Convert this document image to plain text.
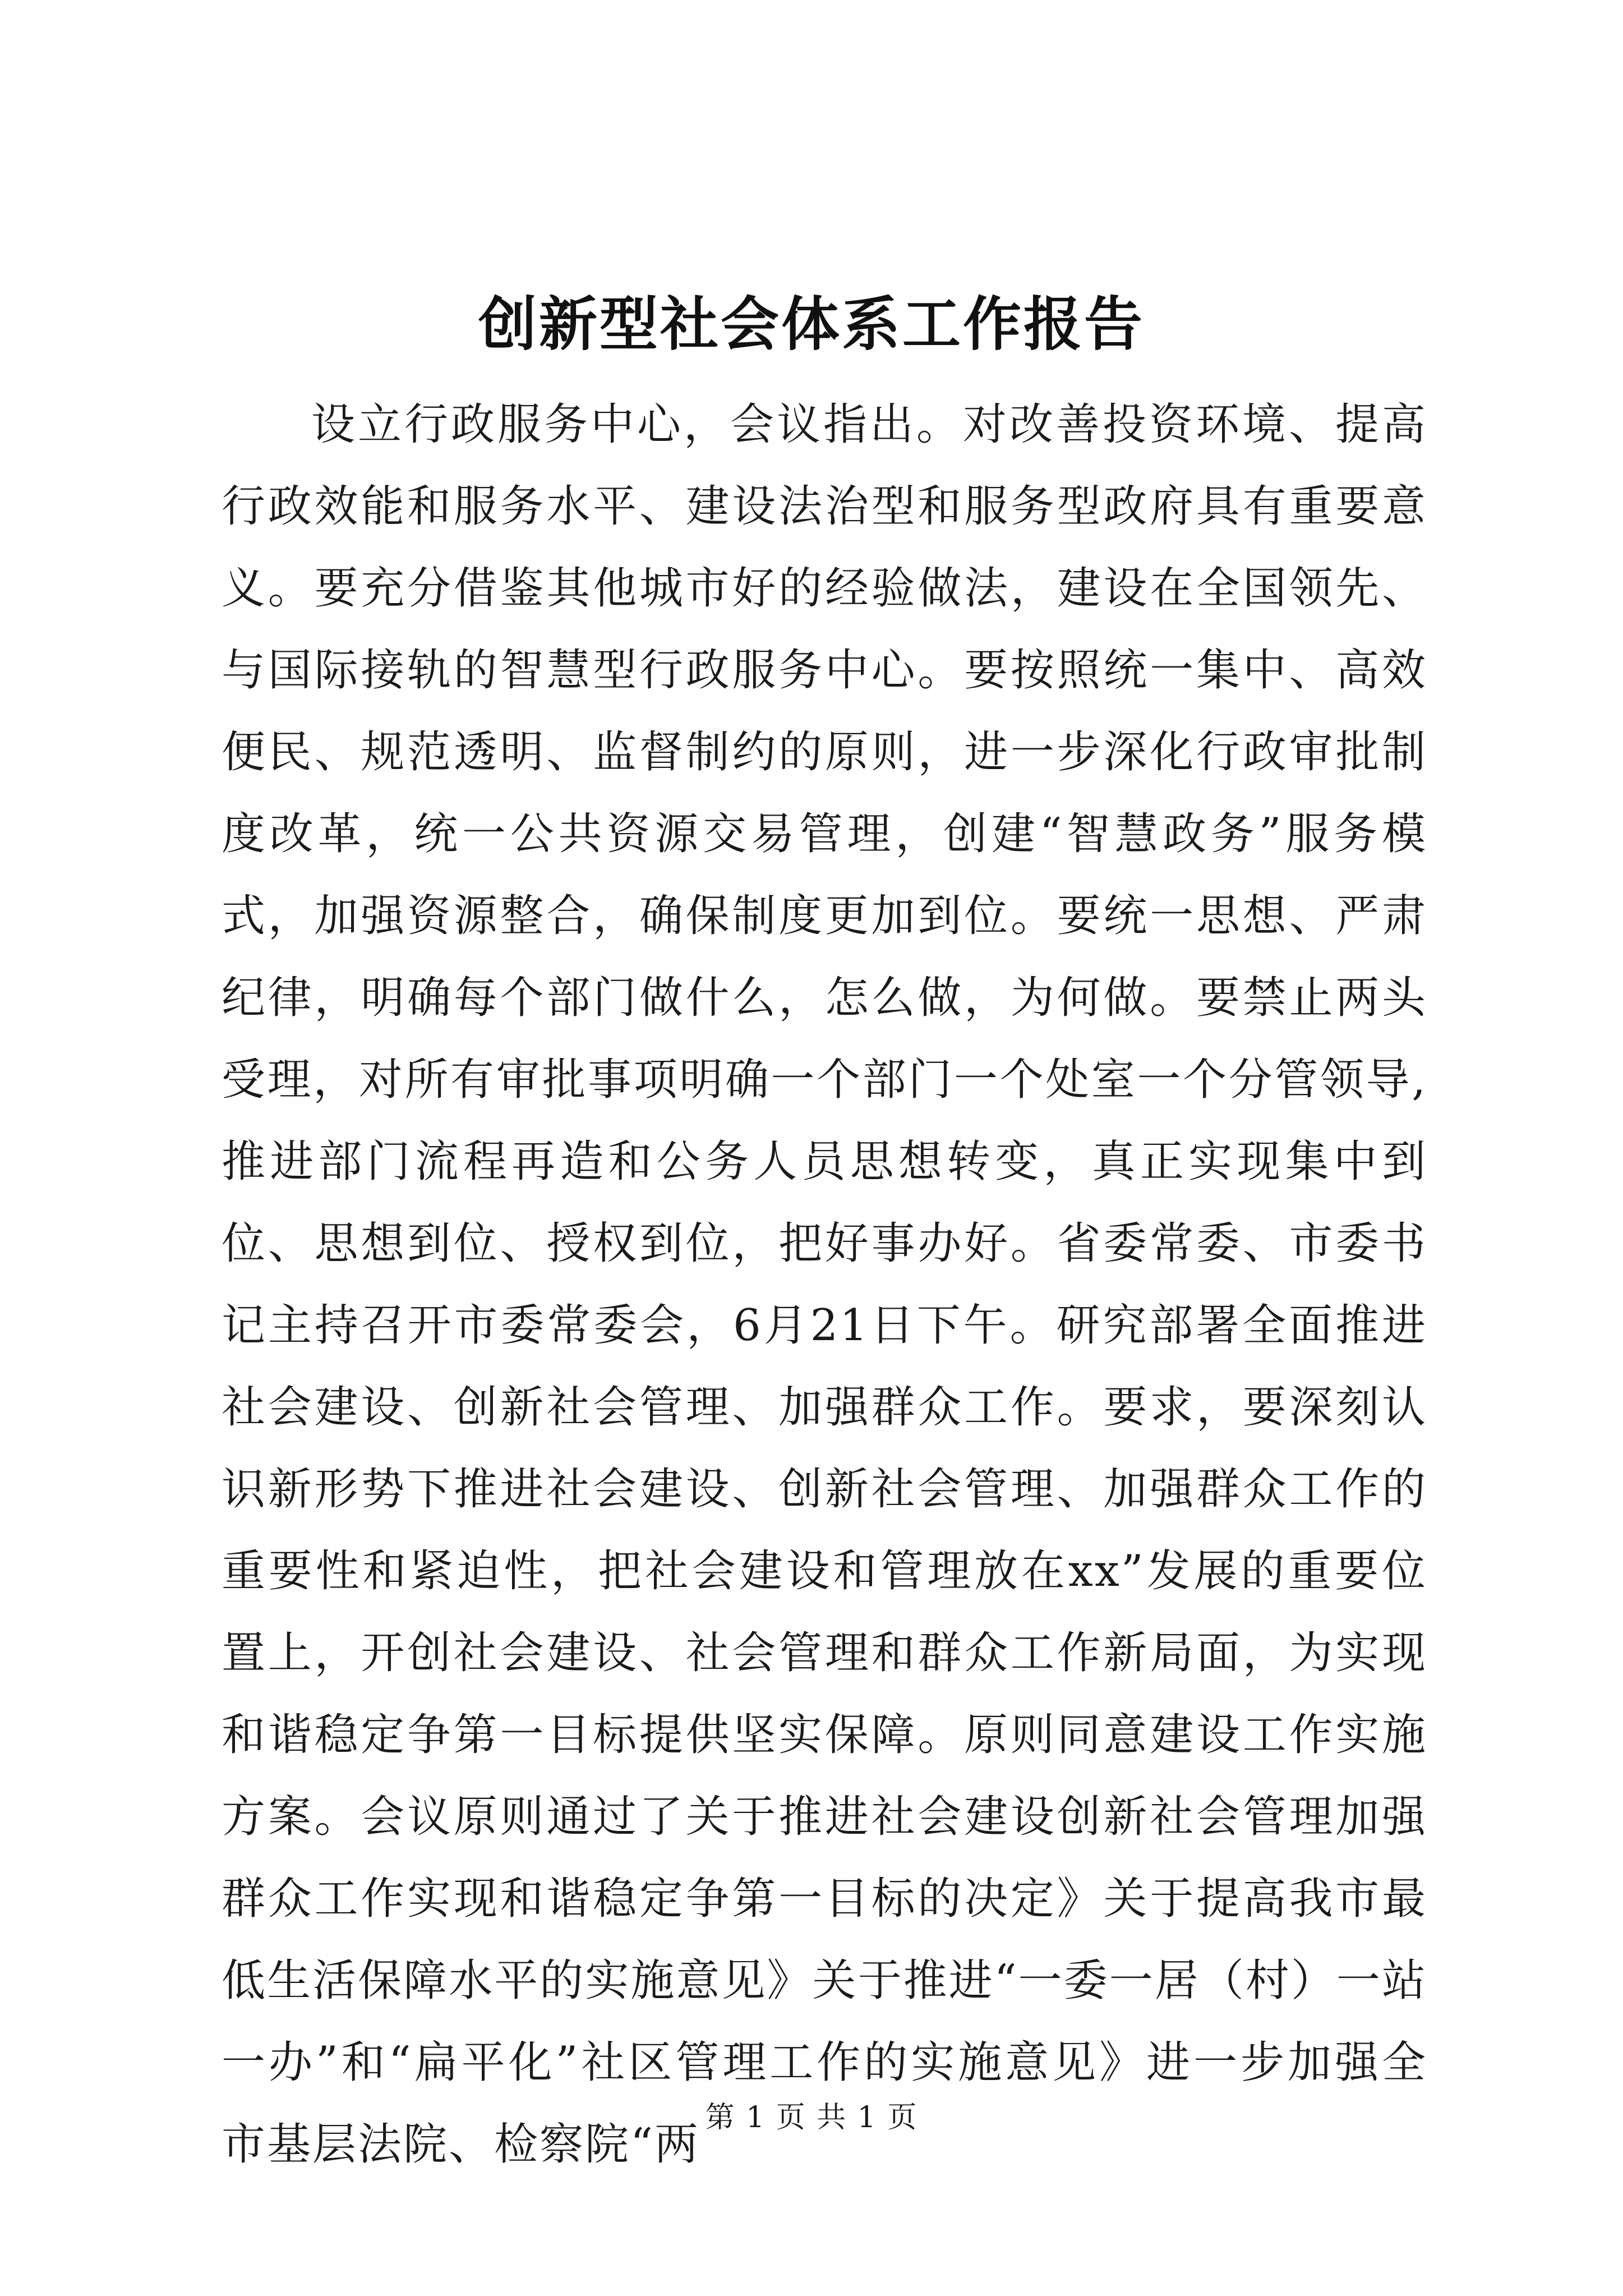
创新型社会体系工作报告

设立行政服务中心，会议指出。对改善投资环境、提高行政效能和服务水平、建设法治型和服务型政府具有重要意义。要充分借鉴其他城市好的经验做法，建设在全国领先、与国际接轨的智慧型行政服务中心。要按照统一集中、高效便民、规范透明、监督制约的原则，进一步深化行政审批制度改革，统一公共资源交易管理，创建“智慧政务”服务模式，加强资源整合，确保制度更加到位。要统一思想、严肃纪律，明确每个部门做什么，怎么做，为何做。要禁止两头受理，对所有审批事项明确一个部门一个处室一个分管领导,推进部门流程再造和公务人员思想转变，真正实现集中到位、思想到位、授权到位，把好事办好。省委常委、市委书记主持召开市委常委会，6月21日下午。研究部署全面推进社会建设、创新社会管理、加强群众工作。要求，要深刻认识新形势下推进社会建设、创新社会管理、加强群众工作的重要性和紧迫性，把社会建设和管理放在xx”发展的重要位置上，开创社会建设、社会管理和群众工作新局面，为实现和谐稳定争第一目标提供坚实保障。原则同意建设工作实施方案。会议原则通过了关于推进社会建设创新社会管理加强群众工作实现和谐稳定争第一目标的决定》关于提高我市最低生活保障水平的实施意见》关于推进“一委一居（村）一站一办”和“扁平化”社区管理工作的实施意见》进一步加强全市基层法院、检察院“两

第 1 页 共 1 页
